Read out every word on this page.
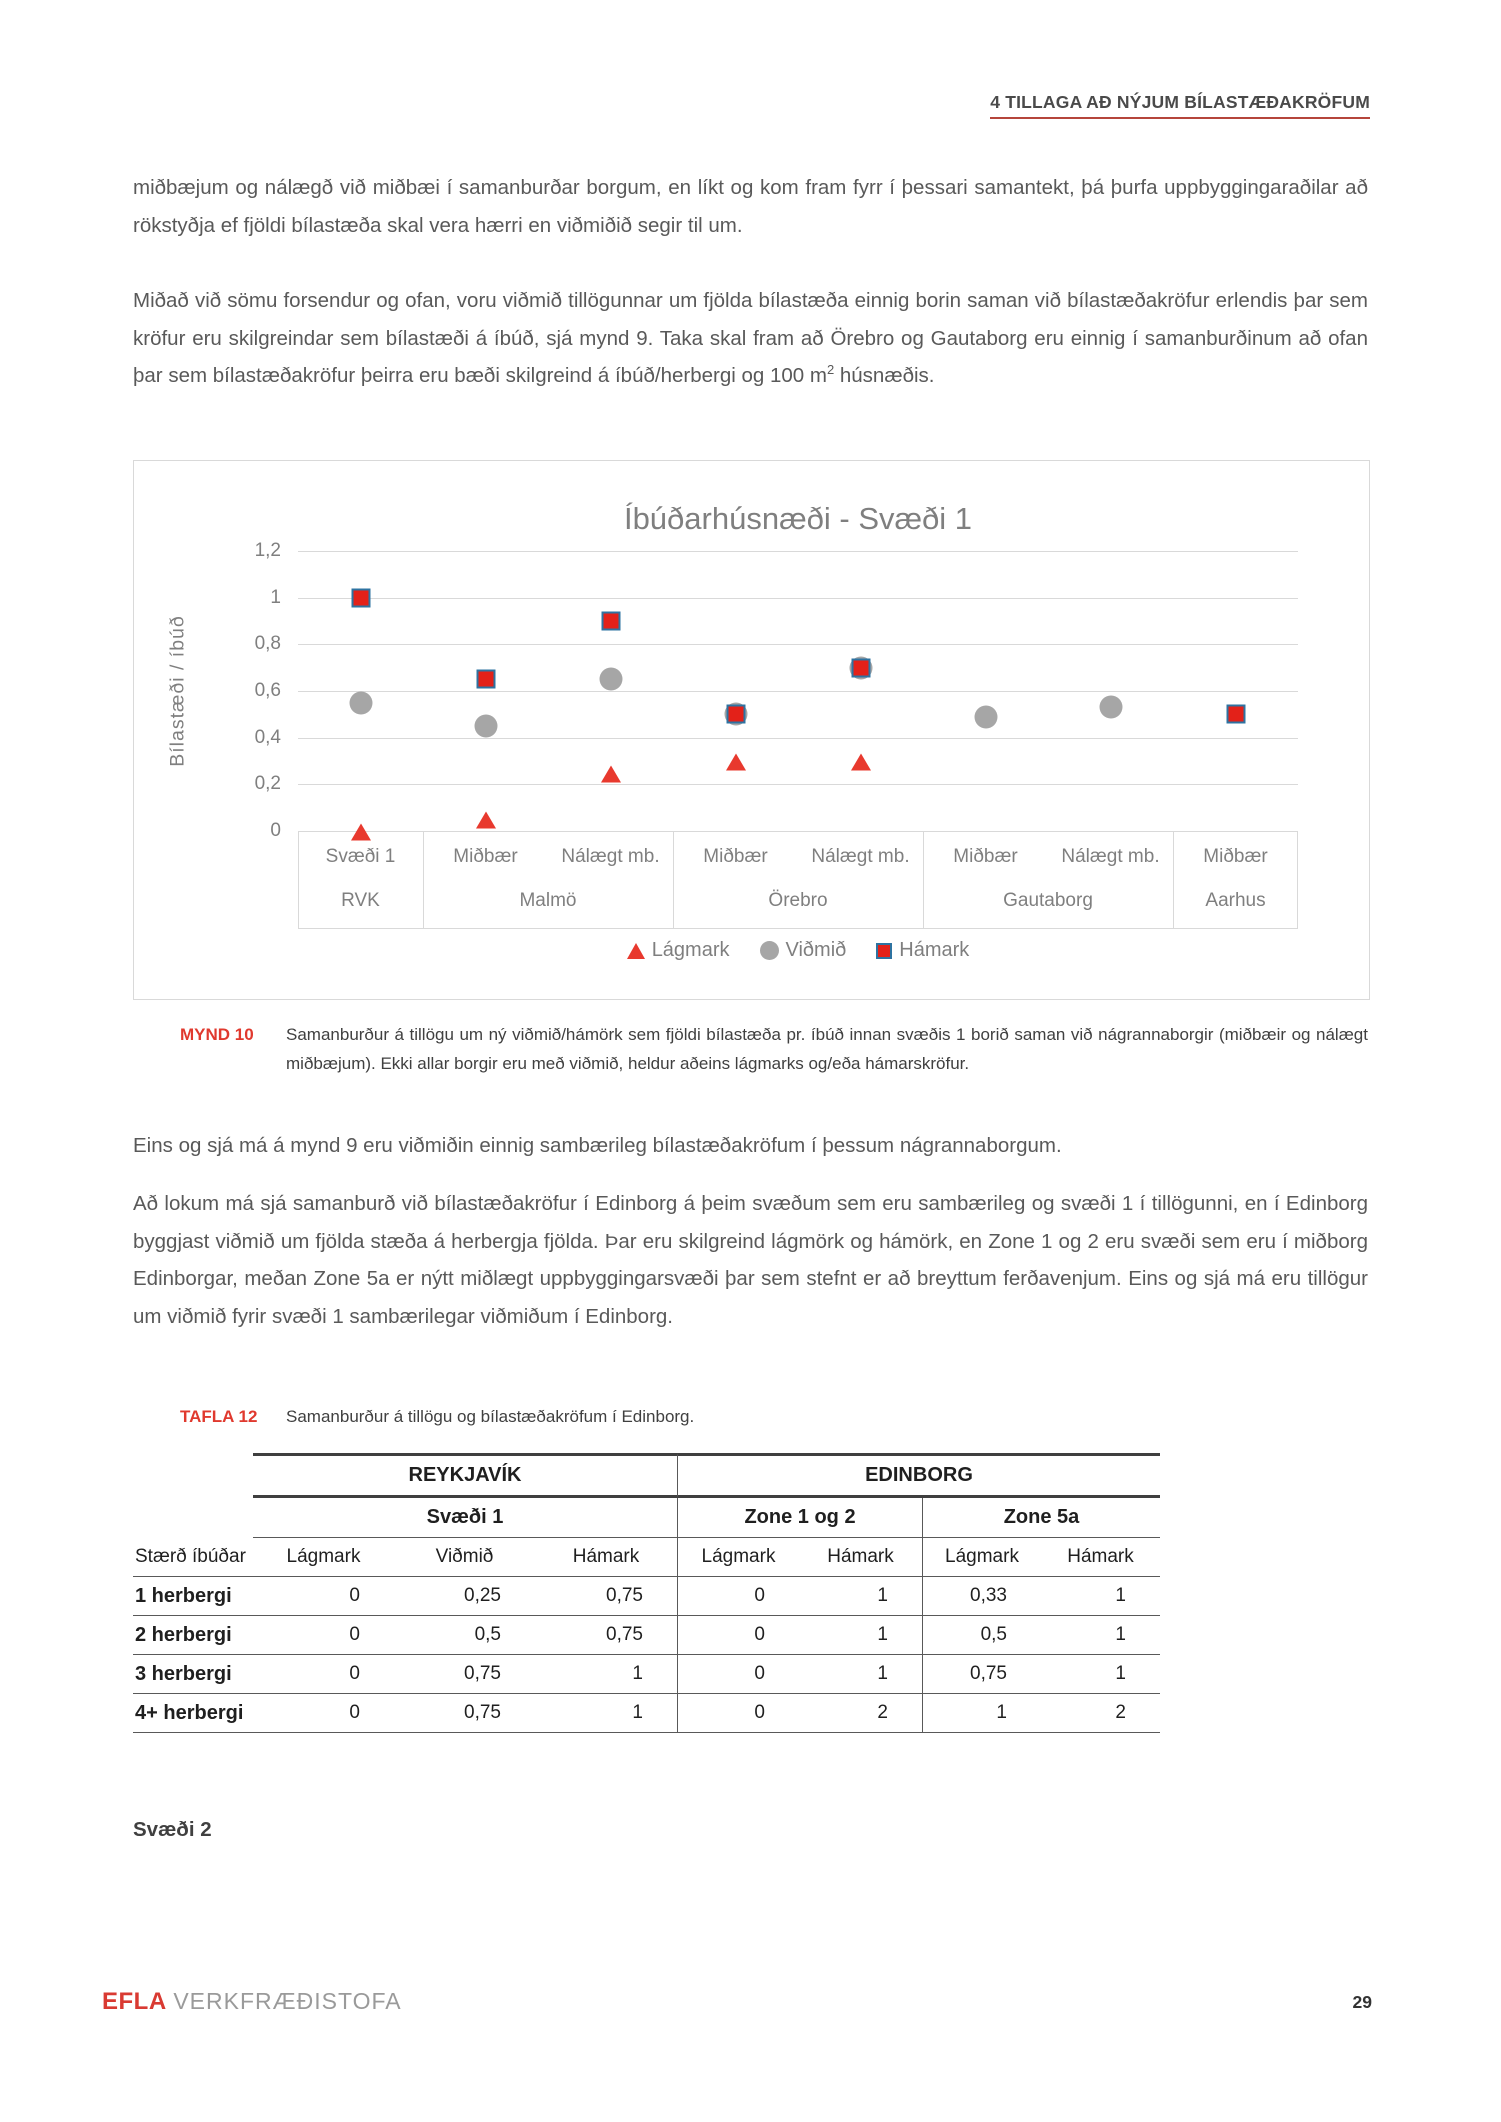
4 TILLAGA AÐ NÝJUM BÍLASTÆÐAKRÖFUM
miðbæjum og nálægð við miðbæi í samanburðar borgum, en líkt og kom fram fyrr í þessari samantekt, þá þurfa uppbyggingaraðilar að rökstyðja ef fjöldi bílastæða skal vera hærri en viðmiðið segir til um.
Miðað við sömu forsendur og ofan, voru viðmið tillögunnar um fjölda bílastæða einnig borin saman við bílastæðakröfur erlendis þar sem kröfur eru skilgreindar sem bílastæði á íbúð, sjá mynd 9. Taka skal fram að Örebro og Gautaborg eru einnig í samanburðinum að ofan þar sem bílastæðakröfur þeirra eru bæði skilgreind á íbúð/herbergi og 100 $m^2$ húsnæðis.
Íbúðarhúsnæði - Svæði 1
Bílastæði / íbúð
0
0,2
0,4
0,6
0,8
1
1,2
Svæði 1	Miðbær	Nálægt mb.	Miðbær	Nálægt mb.	Miðbær	Nálægt mb.	Miðbær
RVK	Malmö	Örebro	Gautaborg	Aarhus
Lágmark	Viðmið	Hámark
MYND 10 Samanburður á tillögu um ný viðmið/hámörk sem fjöldi bílastæða pr. íbúð innan svæðis 1 borið saman við nágrannaborgir (miðbæir og nálægt miðbæjum). Ekki allar borgir eru með viðmið, heldur aðeins lágmarks og/eða hámarskröfur.
Eins og sjá má á mynd 9 eru viðmiðin einnig sambærileg bílastæðakröfum í þessum nágrannaborgum.
Að lokum má sjá samanburð við bílastæðakröfur í Edinborg á þeim svæðum sem eru sambærileg og svæði 1 í tillögunni, en í Edinborg byggjast viðmið um fjölda stæða á herbergja fjölda. Þar eru skilgreind lágmörk og hámörk, en Zone 1 og 2 eru svæði sem eru í miðborg Edinborgar, meðan Zone 5a er nýtt miðlægt uppbyggingarsvæði þar sem stefnt er að breyttum ferðavenjum. Eins og sjá má eru tillögur um viðmið fyrir svæði 1 sambærilegar viðmiðum í Edinborg.
TAFLA 12 Samanburður á tillögu og bílastæðakröfum í Edinborg.
REYKJAVÍK	EDINBORG
Svæði 1	Zone 1 og 2	Zone 5a
Stærð íbúðar	Lágmark	Viðmið	Hámark	Lágmark	Hámark	Lágmark	Hámark
1 herbergi	0	0,25	0,75	0	1	0,33	1
2 herbergi	0	0,5	0,75	0	1	0,5	1
3 herbergi	0	0,75	1	0	1	0,75	1
4+ herbergi	0	0,75	1	0	2	1	2
Svæði 2
EFLA VERKFRÆÐISTOFA	29
